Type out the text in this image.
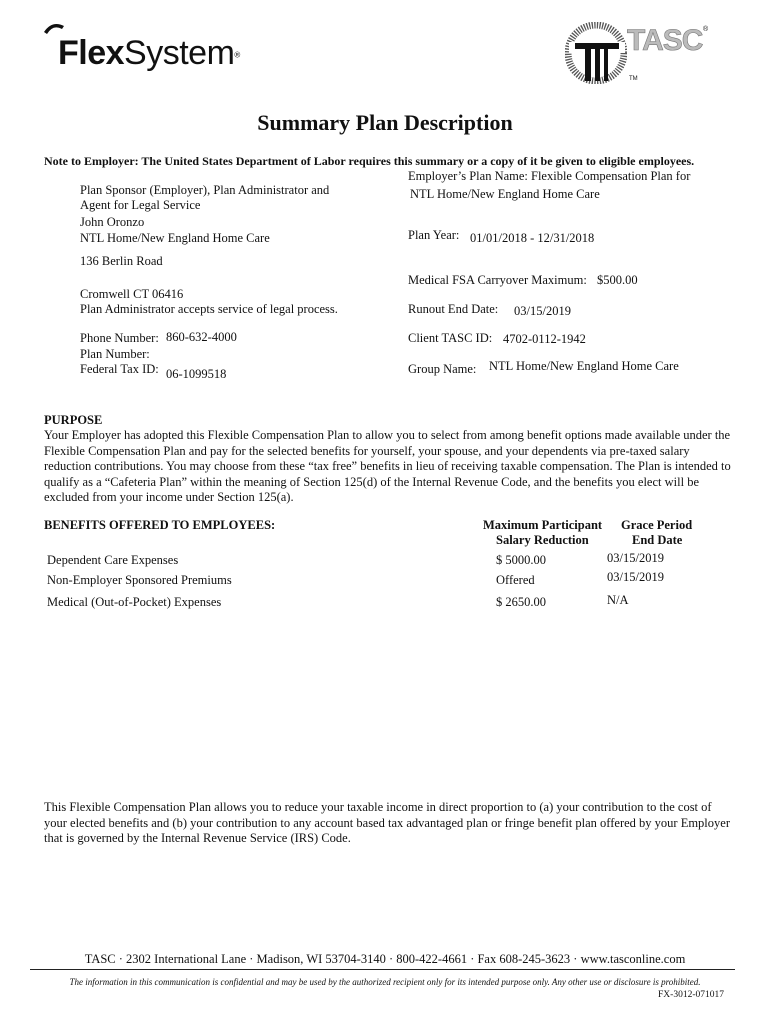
FlexSystem®	TASC ®
TM
Summary Plan Description
Note to Employer: The United States Department of Labor requires this summary or a copy of it be given to eligible employees.
Plan Sponsor (Employer), Plan Administrator and
Agent for Legal Service
John Oronzo
NTL Home/New England Home Care
136 Berlin Road
Cromwell CT 06416
Plan Administrator accepts service of legal process.
Phone Number: 860-632-4000
Plan Number:
Federal Tax ID: 06-1099518
Employer’s Plan Name: Flexible Compensation Plan for
NTL Home/New England Home Care
Plan Year: 01/01/2018 - 12/31/2018
Medical FSA Carryover Maximum: $500.00
Runout End Date: 03/15/2019
Client TASC ID: 4702-0112-1942
Group Name: NTL Home/New England Home Care
PURPOSE
Your Employer has adopted this Flexible Compensation Plan to allow you to select from among benefit options made available under the Flexible Compensation Plan and pay for the selected benefits for yourself, your spouse, and your dependents via pre-taxed salary reduction contributions. You may choose from these “tax free” benefits in lieu of receiving taxable compensation. The Plan is intended to qualify as a “Cafeteria Plan” within the meaning of Section 125(d) of the Internal Revenue Code, and the benefits you elect will be excluded from your income under Section 125(a).
BENEFITS OFFERED TO EMPLOYEES:	Maximum Participant
Salary Reduction
Grace Period
End Date
Dependent Care Expenses	$ 5000.00	03/15/2019
Non-Employer Sponsored Premiums	Offered	03/15/2019
Medical (Out-of-Pocket) Expenses	$ 2650.00	N/A
This Flexible Compensation Plan allows you to reduce your taxable income in direct proportion to (a) your contribution to the cost of your elected benefits and (b) your contribution to any account based tax advantaged plan or fringe benefit plan offered by your Employer that is governed by the Internal Revenue Service (IRS) Code.
TASC · 2302 International Lane · Madison, WI 53704-3140 · 800-422-4661 · Fax 608-245-3623 · www.tasconline.com
The information in this communication is confidential and may be used by the authorized recipient only for its intended purpose only. Any other use or disclosure is prohibited.
FX-3012-071017
